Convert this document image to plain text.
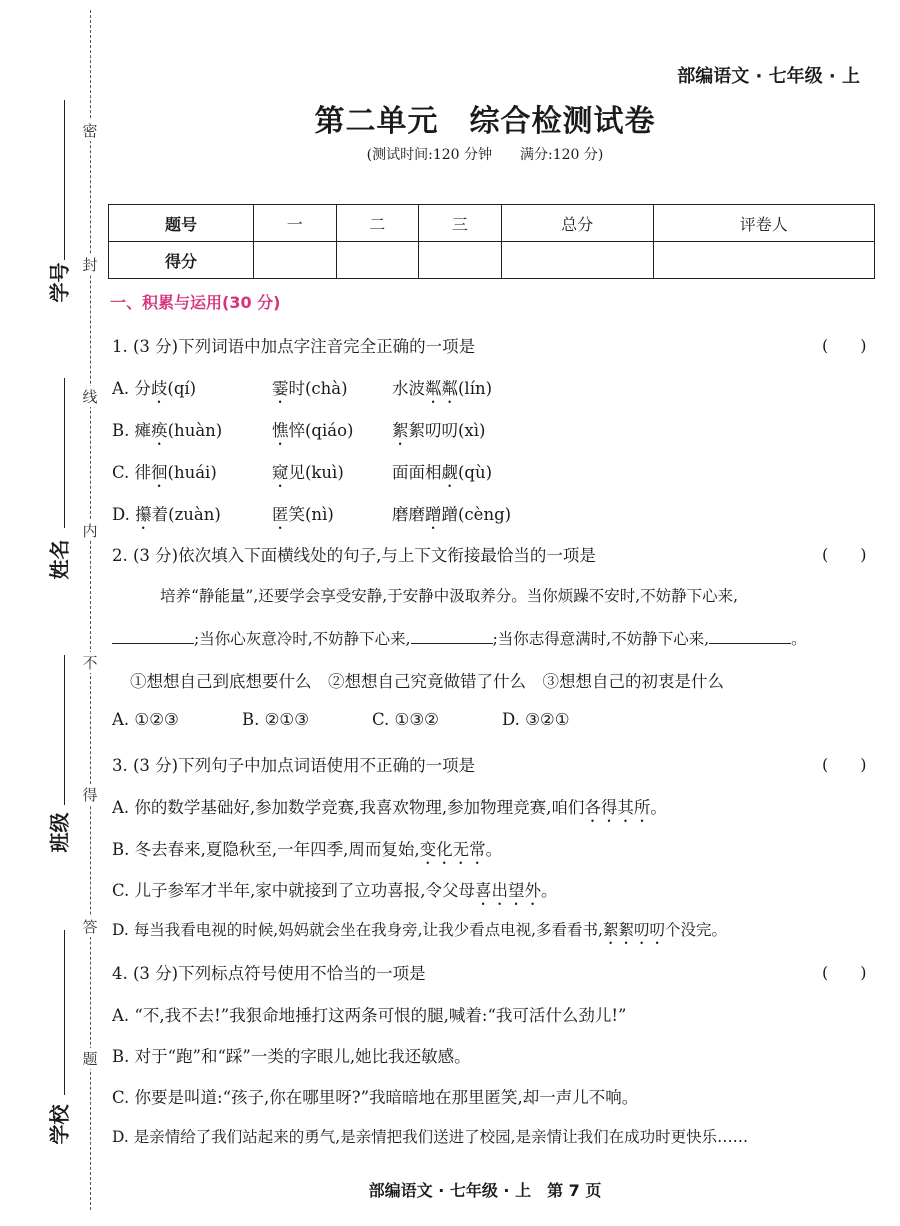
密
封
线
内
不
得
答
题
学号
姓名
班级
学校
部编语文 · 七年级 · 上
第二单元　综合检测试卷
(测试时间:120 分钟　　满分:120 分)
题号	一	二	三	总分	评卷人
得分					
一、积累与运用(30 分)
1. (3 分)下列词语中加点字注音完全正确的一项是	(　　)
A. 分歧(qí)	霎时(chà)	水波粼粼(lín)
B. 瘫痪(huàn)	憔悴(qiáo) 絮絮叨叨(xì)
C. 徘徊(huái)	窥见(kuì)	面面相觑(qù)
D. 攥着(zuàn)	匿笑(nì)	磨磨蹭蹭(cèng)
2. (3 分)依次填入下面横线处的句子,与上下文衔接最恰当的一项是	(　　)
培养“静能量”,还要学会享受安静,于安静中汲取养分。当你烦躁不安时,不妨静下心来,
;当你心灰意冷时,不妨静下心来,	;当你志得意满时,不妨静下心来,	。
①想想自己到底想要什么　②想想自己究竟做错了什么　③想想自己的初衷是什么
A. ①②③	B. ②①③	C. ①③②	D. ③②①
3. (3 分)下列句子中加点词语使用不正确的一项是	(　　)
A. 你的数学基础好,参加数学竞赛,我喜欢物理,参加物理竞赛,咱们各得其所。
B. 冬去春来,夏隐秋至,一年四季,周而复始,变化无常。
C. 儿子参军才半年,家中就接到了立功喜报,令父母喜出望外。
D. 每当我看电视的时候,妈妈就会坐在我身旁,让我少看点电视,多看看书,絮絮叨叨个没完。
4. (3 分)下列标点符号使用不恰当的一项是	(　　)
A. “不,我不去!”我狠命地捶打这两条可恨的腿,喊着:“我可活什么劲儿!”
B. 对于“跑”和“踩”一类的字眼儿,她比我还敏感。
C. 你要是叫道:“孩子,你在哪里呀?”我暗暗地在那里匿笑,却一声儿不响。
D. 是亲情给了我们站起来的勇气,是亲情把我们送进了校园,是亲情让我们在成功时更快乐……
部编语文 · 七年级 · 上　第 7 页
